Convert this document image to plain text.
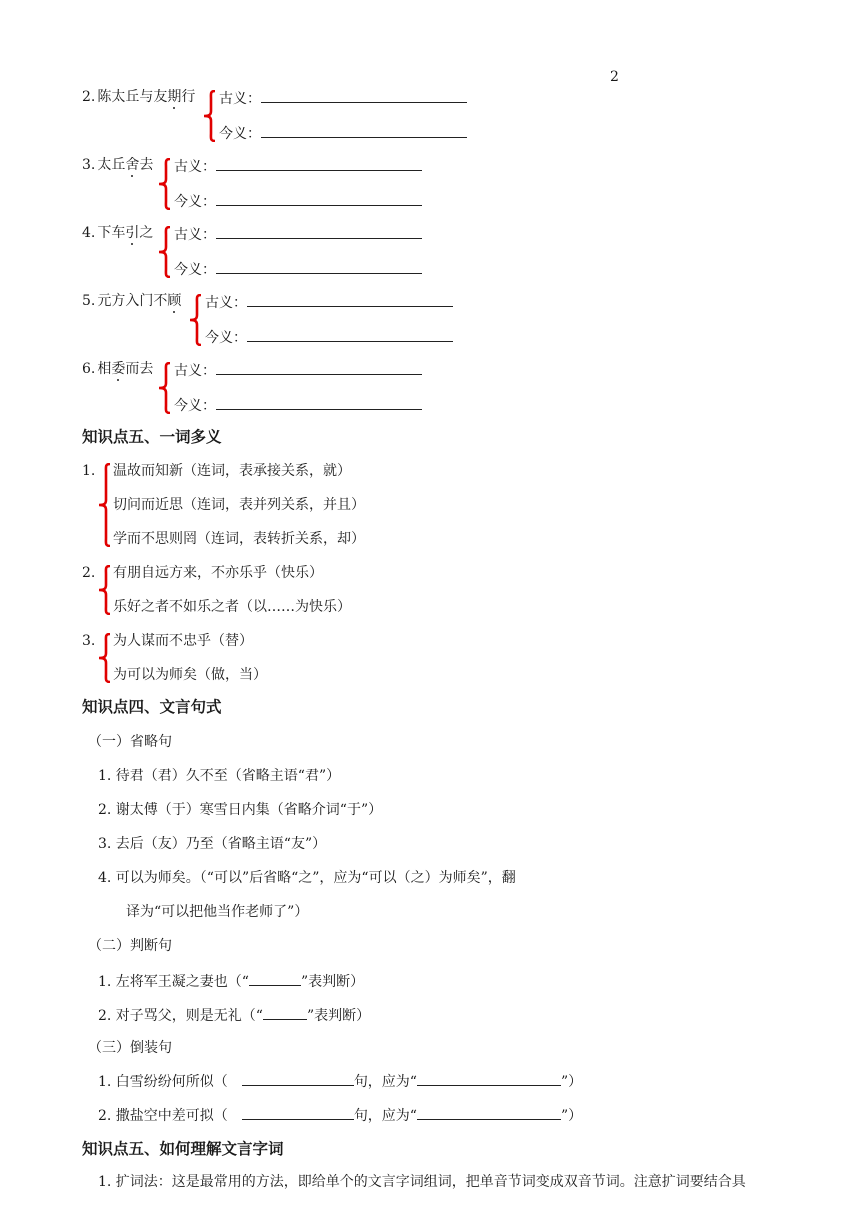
2
知识点五、一词多义
知识点四、文言句式
（一）省略句
1. 待君（君）久不至（省略主语“君”）
2. 谢太傅（于）寒雪日内集（省略介词“于”）
3. 去后（友）乃至（省略主语“友”）
4. 可以为师矣。（“可以”后省略“之”，应为“可以（之）为师矣”，翻
译为“可以把他当作老师了”）
（二）判断句
1. 左将军王凝之妻也（“	”表判断）
2. 对子骂父，则是无礼（“	”表判断）
（三）倒装句
1. 白雪纷纷何所似（	句，应为“	”）
2. 撒盐空中差可拟（	句，应为“	”）
知识点五、如何理解文言字词
1. 扩词法：这是最常用的方法，即给单个的文言字词组词，把单音节词变成双音节词。注意扩词要结合具
2. 陈太丘与友期行 古义：
今义：
3. 太丘舍去 古义：
今义：
4. 下车引之 古义：
今义：
5. 元方入门不顾 古义：
今义：
6. 相委而去 古义：
今义：
1. 温故而知新（连词，表承接关系，就）
切问而近思（连词，表并列关系，并且）
学而不思则罔（连词，表转折关系，却）
2. 有朋自远方来，不亦乐乎（快乐）
乐好之者不如乐之者（以……为快乐）
3. 为人谋而不忠乎（替）
为可以为师矣（做，当）
